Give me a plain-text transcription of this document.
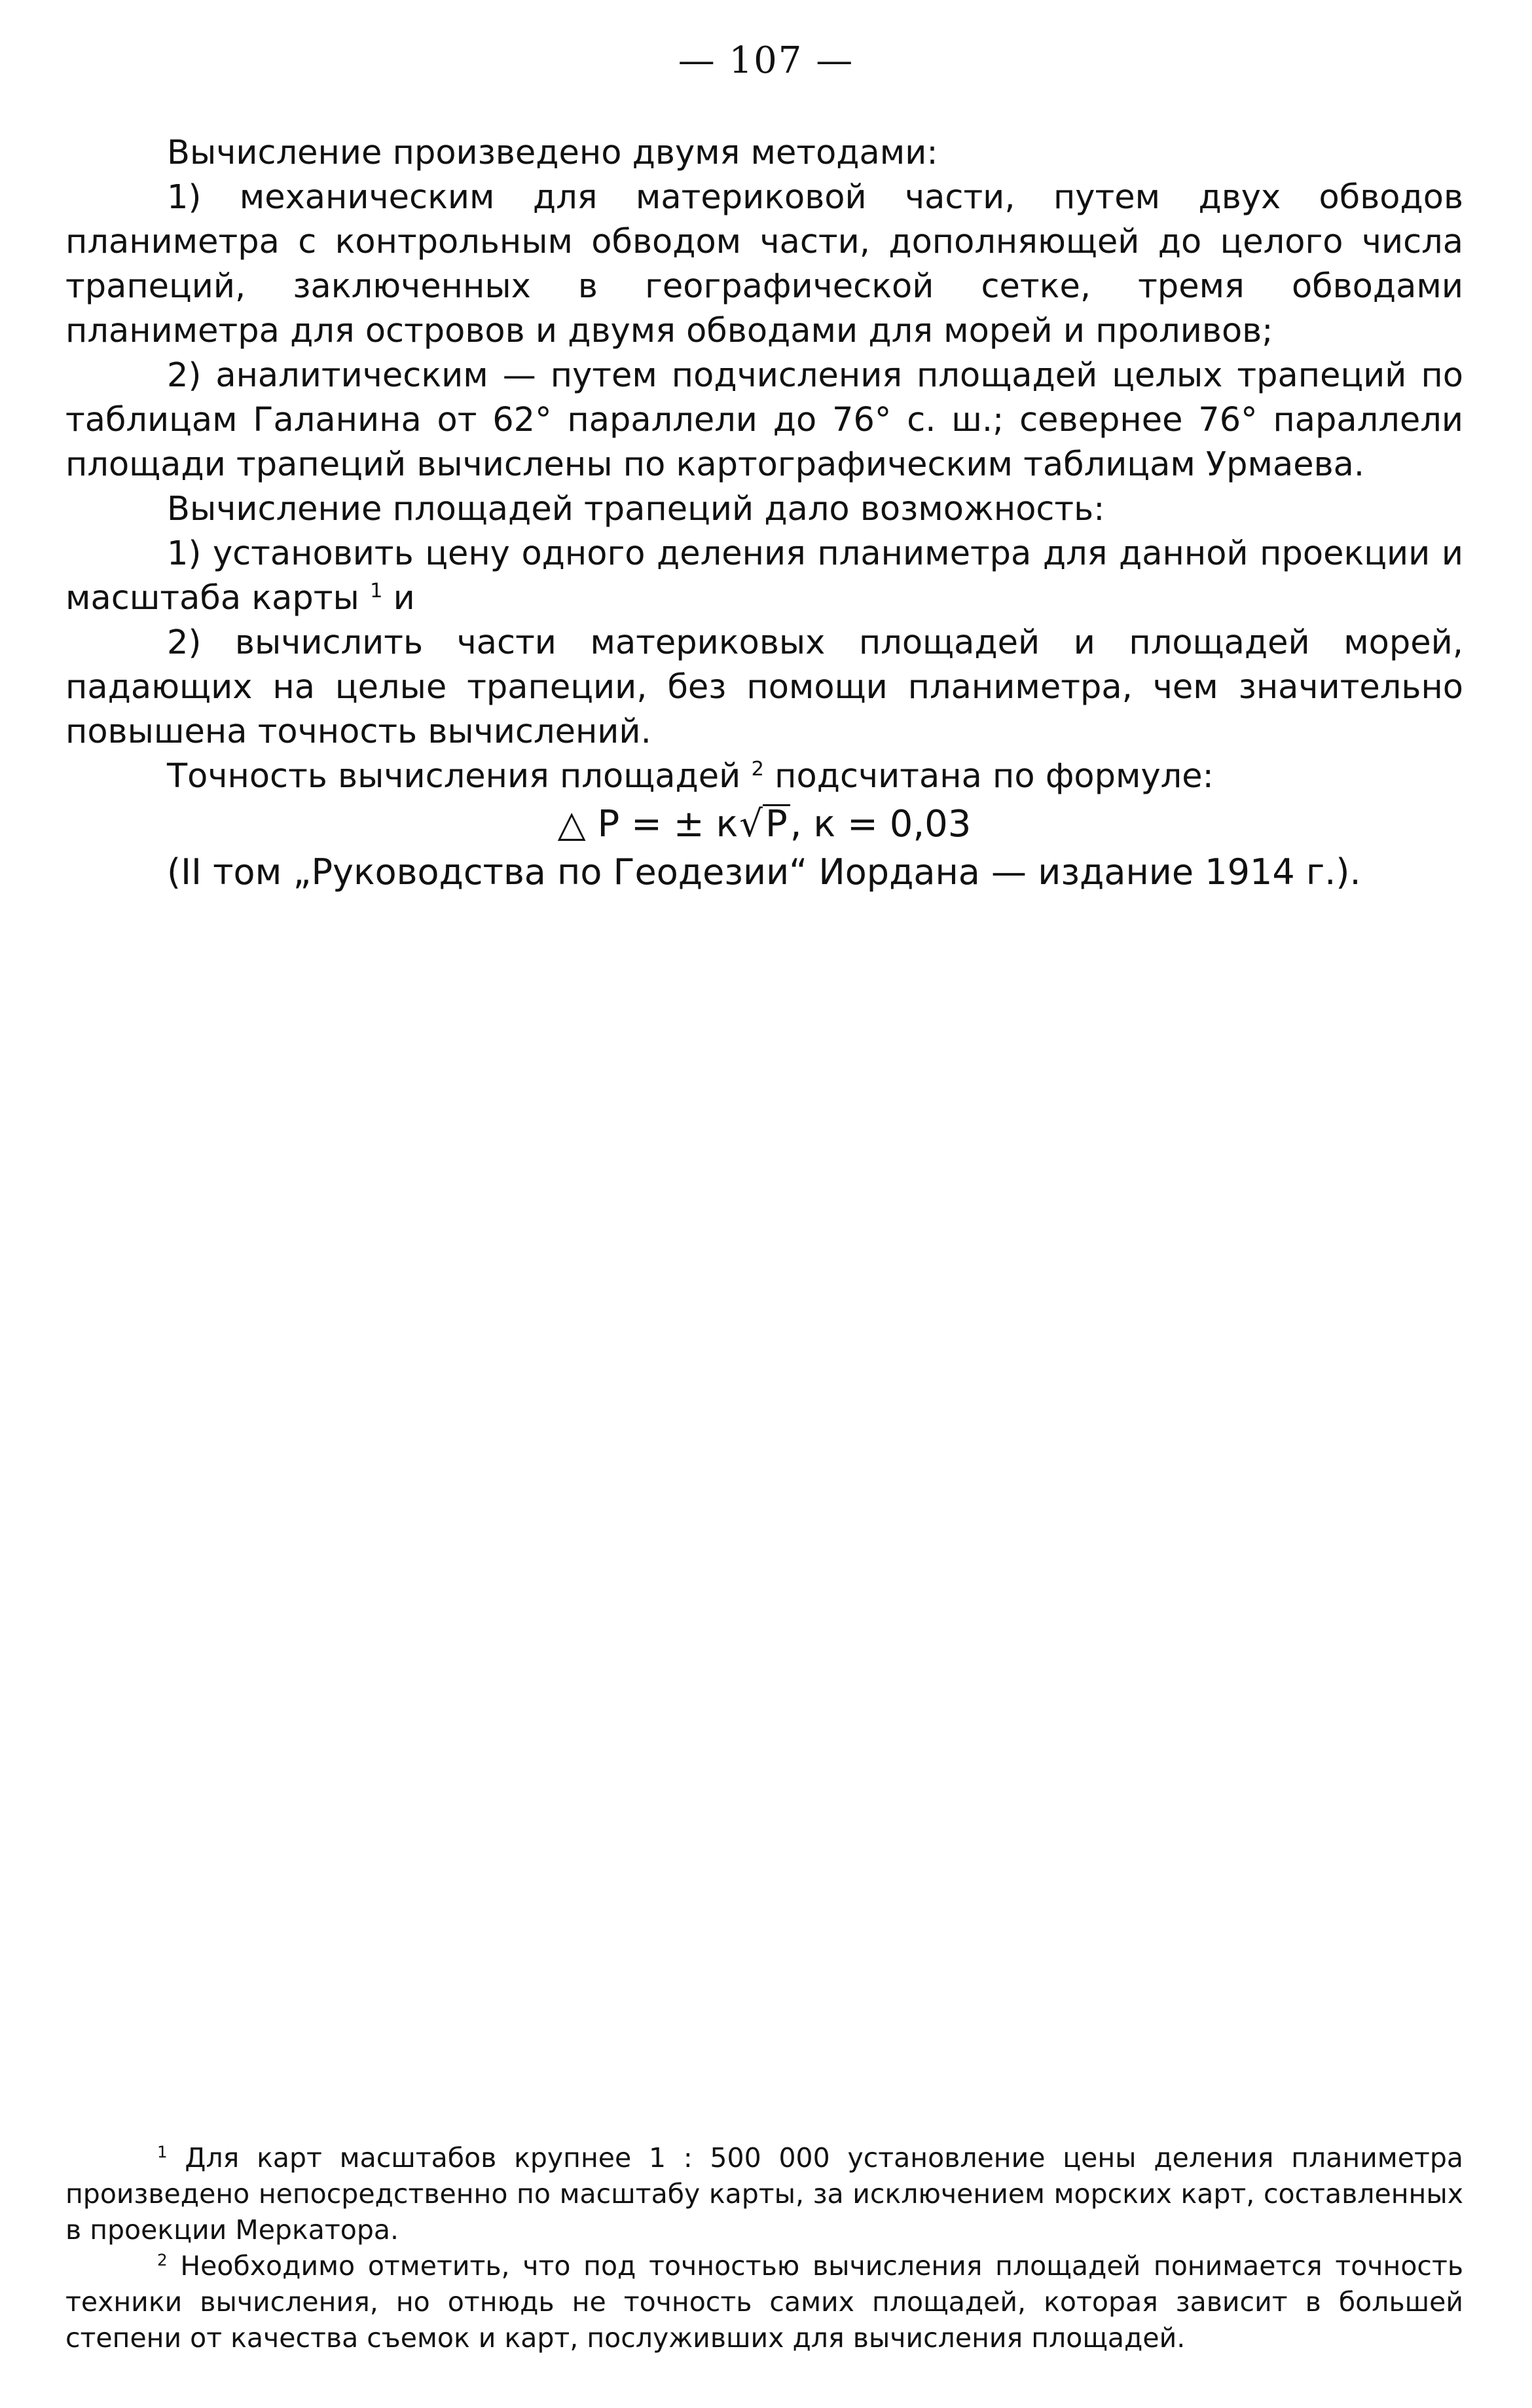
— 107 —

Вычисление произведено двумя методами:

1) механическим для материковой части, путем двух обводов планиметра с контрольным обводом части, дополняющей до целого числа трапеций, заключенных в географической сетке, тремя обводами планиметра для островов и двумя обводами для морей и проливов;

2) аналитическим — путем подчисления площадей целых трапеций по таблицам Галанина от 62° параллели до 76° с. ш.; севернее 76° параллели площади трапеций вычислены по картографическим таблицам Урмаева.

Вычисление площадей трапеций дало возможность:

1) установить цену одного деления планиметра для данной проекции и масштаба карты $^1$ и

2) вычислить части материковых площадей и площадей морей, падающих на целые трапеции, без помощи планиметра, чем значительно повышена точность вычислений.

Точность вычисления площадей $^2$ подсчитана по формуле:

△ P = ± к√P, к = 0,03

(II том „Руководства по Геодезии“ Иордана — издание 1914 г.).

$^1$ Для карт масштабов крупнее 1 : 500 000 установление цены деления планиметра произведено непосредственно по масштабу карты, за исключением морских карт, составленных в проекции Меркатора.

$^2$ Необходимо отметить, что под точностью вычисления площадей понимается точность техники вычисления, но отнюдь не точность самих площадей, которая зависит в большей степени от качества съемок и карт, послуживших для вычисления площадей.
